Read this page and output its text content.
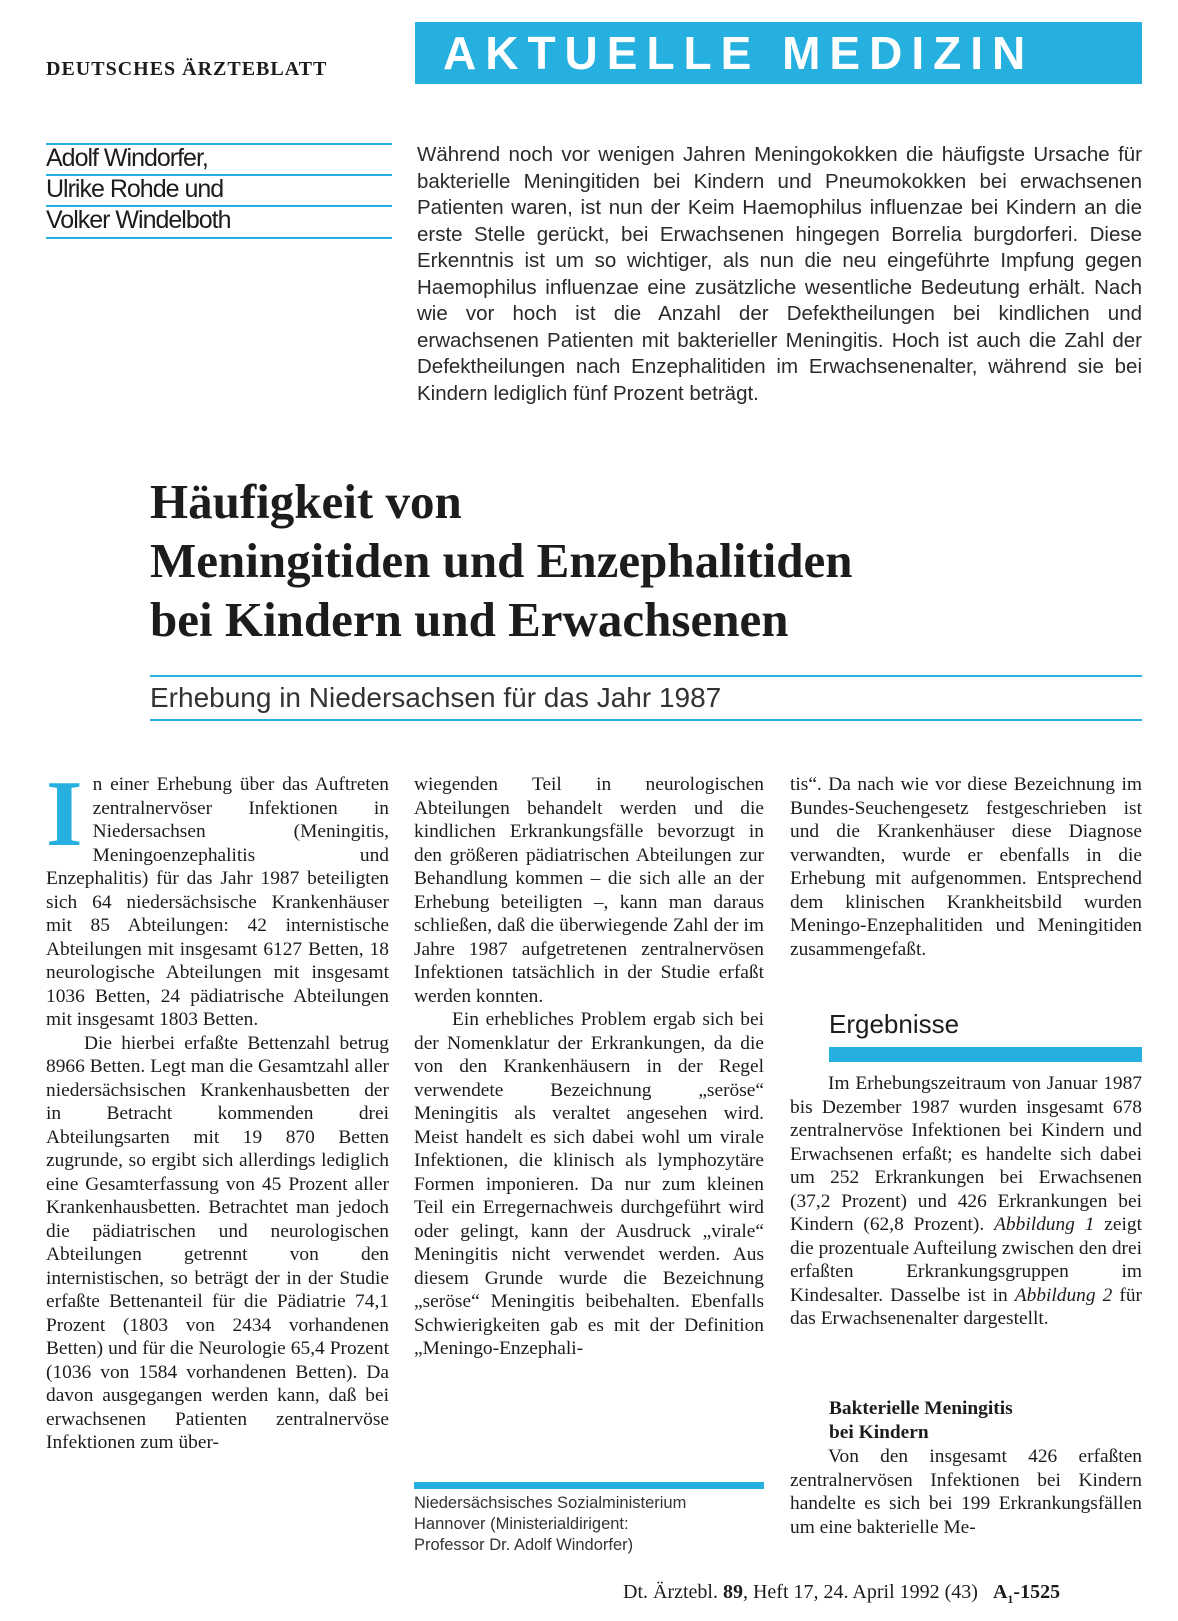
DEUTSCHES ÄRZTEBLATT	AKTUELLE MEDIZIN
Adolf Windorfer,
Ulrike Rohde und
Volker Windelboth
Während noch vor wenigen Jahren Meningokokken die häufigste Ursache für bakterielle Meningitiden bei Kindern und Pneumokokken bei erwachsenen Patienten waren, ist nun der Keim Haemophilus influenzae bei Kindern an die erste Stelle gerückt, bei Erwachsenen hingegen Borrelia burgdorferi. Diese Erkenntnis ist um so wichtiger, als nun die neu eingeführte Impfung gegen Haemophilus influenzae eine zusätzliche wesentliche Bedeutung erhält. Nach wie vor hoch ist die Anzahl der Defektheilungen bei kindlichen und erwachsenen Patienten mit bakterieller Meningitis. Hoch ist auch die Zahl der Defektheilungen nach Enzephalitiden im Erwachsenenalter, während sie bei Kindern lediglich fünf Prozent beträgt.
Häufigkeit von
Meningitiden und Enzephalitiden
bei Kindern und Erwachsenen
Erhebung in Niedersachsen für das Jahr 1987

In einer Erhebung über das Auftreten zentralnervöser Infektionen in Niedersachsen (Meningitis, Meningoenzephalitis und Enzephalitis) für das Jahr 1987 beteiligten sich 64 niedersächsische Krankenhäuser mit 85 Abteilungen: 42 internistische Abteilungen mit insgesamt 6127 Betten, 18 neurologische Abteilungen mit insgesamt 1036 Betten, 24 pädiatrische Abteilungen mit insgesamt 1803 Betten.

Die hierbei erfaßte Bettenzahl betrug 8966 Betten. Legt man die Gesamtzahl aller niedersächsischen Krankenhausbetten der in Betracht kommenden drei Abteilungsarten mit 19 870 Betten zugrunde, so ergibt sich allerdings lediglich eine Gesamterfassung von 45 Prozent aller Krankenhausbetten. Betrachtet man jedoch die pädiatrischen und neurologischen Abteilungen getrennt von den internistischen, so beträgt der in der Studie erfaßte Bettenanteil für die Pädiatrie 74,1 Prozent (1803 von 2434 vorhandenen Betten) und für die Neurologie 65,4 Prozent (1036 von 1584 vorhandenen Betten). Da davon ausgegangen werden kann, daß bei erwachsenen Patienten zentralnervöse Infektionen zum über-

wiegenden Teil in neurologischen Abteilungen behandelt werden und die kindlichen Erkrankungsfälle bevorzugt in den größeren pädiatrischen Abteilungen zur Behandlung kommen – die sich alle an der Erhebung beteiligten –, kann man daraus schließen, daß die überwiegende Zahl der im Jahre 1987 aufgetretenen zentralnervösen Infektionen tatsächlich in der Studie erfaßt werden konnten.

Ein erhebliches Problem ergab sich bei der Nomenklatur der Erkrankungen, da die von den Krankenhäusern in der Regel verwendete Bezeichnung „seröse“ Meningitis als veraltet angesehen wird. Meist handelt es sich dabei wohl um virale Infektionen, die klinisch als lymphozytäre Formen imponieren. Da nur zum kleinen Teil ein Erregernachweis durchgeführt wird oder gelingt, kann der Ausdruck „virale“ Meningitis nicht verwendet werden. Aus diesem Grunde wurde die Bezeichnung „seröse“ Meningitis beibehalten. Ebenfalls Schwierigkeiten gab es mit der Definition „Meningo-Enzephali-

tis“. Da nach wie vor diese Bezeichnung im Bundes-Seuchengesetz festgeschrieben ist und die Krankenhäuser diese Diagnose verwandten, wurde er ebenfalls in die Erhebung mit aufgenommen. Entsprechend dem klinischen Krankheitsbild wurden Meningo-Enzephalitiden und Meningitiden zusammengefaßt.

Ergebnisse

Im Erhebungszeitraum von Januar 1987 bis Dezember 1987 wurden insgesamt 678 zentralnervöse Infektionen bei Kindern und Erwachsenen erfaßt; es handelte sich dabei um 252 Erkrankungen bei Erwachsenen (37,2 Prozent) und 426 Erkrankungen bei Kindern (62,8 Prozent). Abbildung 1 zeigt die prozentuale Aufteilung zwischen den drei erfaßten Erkrankungsgruppen im Kindesalter. Dasselbe ist in Abbildung 2 für das Erwachsenenalter dargestellt.

Bakterielle Meningitis
bei Kindern

Von den insgesamt 426 erfaßten zentralnervösen Infektionen bei Kindern handelte es sich bei 199 Erkrankungsfällen um eine bakterielle Me-

Niedersächsisches Sozialministerium
Hannover (Ministerialdirigent:
Professor Dr. Adolf Windorfer)
Dt. Ärztebl. 89, Heft 17, 24. April 1992 (43) $A_1-1525$
